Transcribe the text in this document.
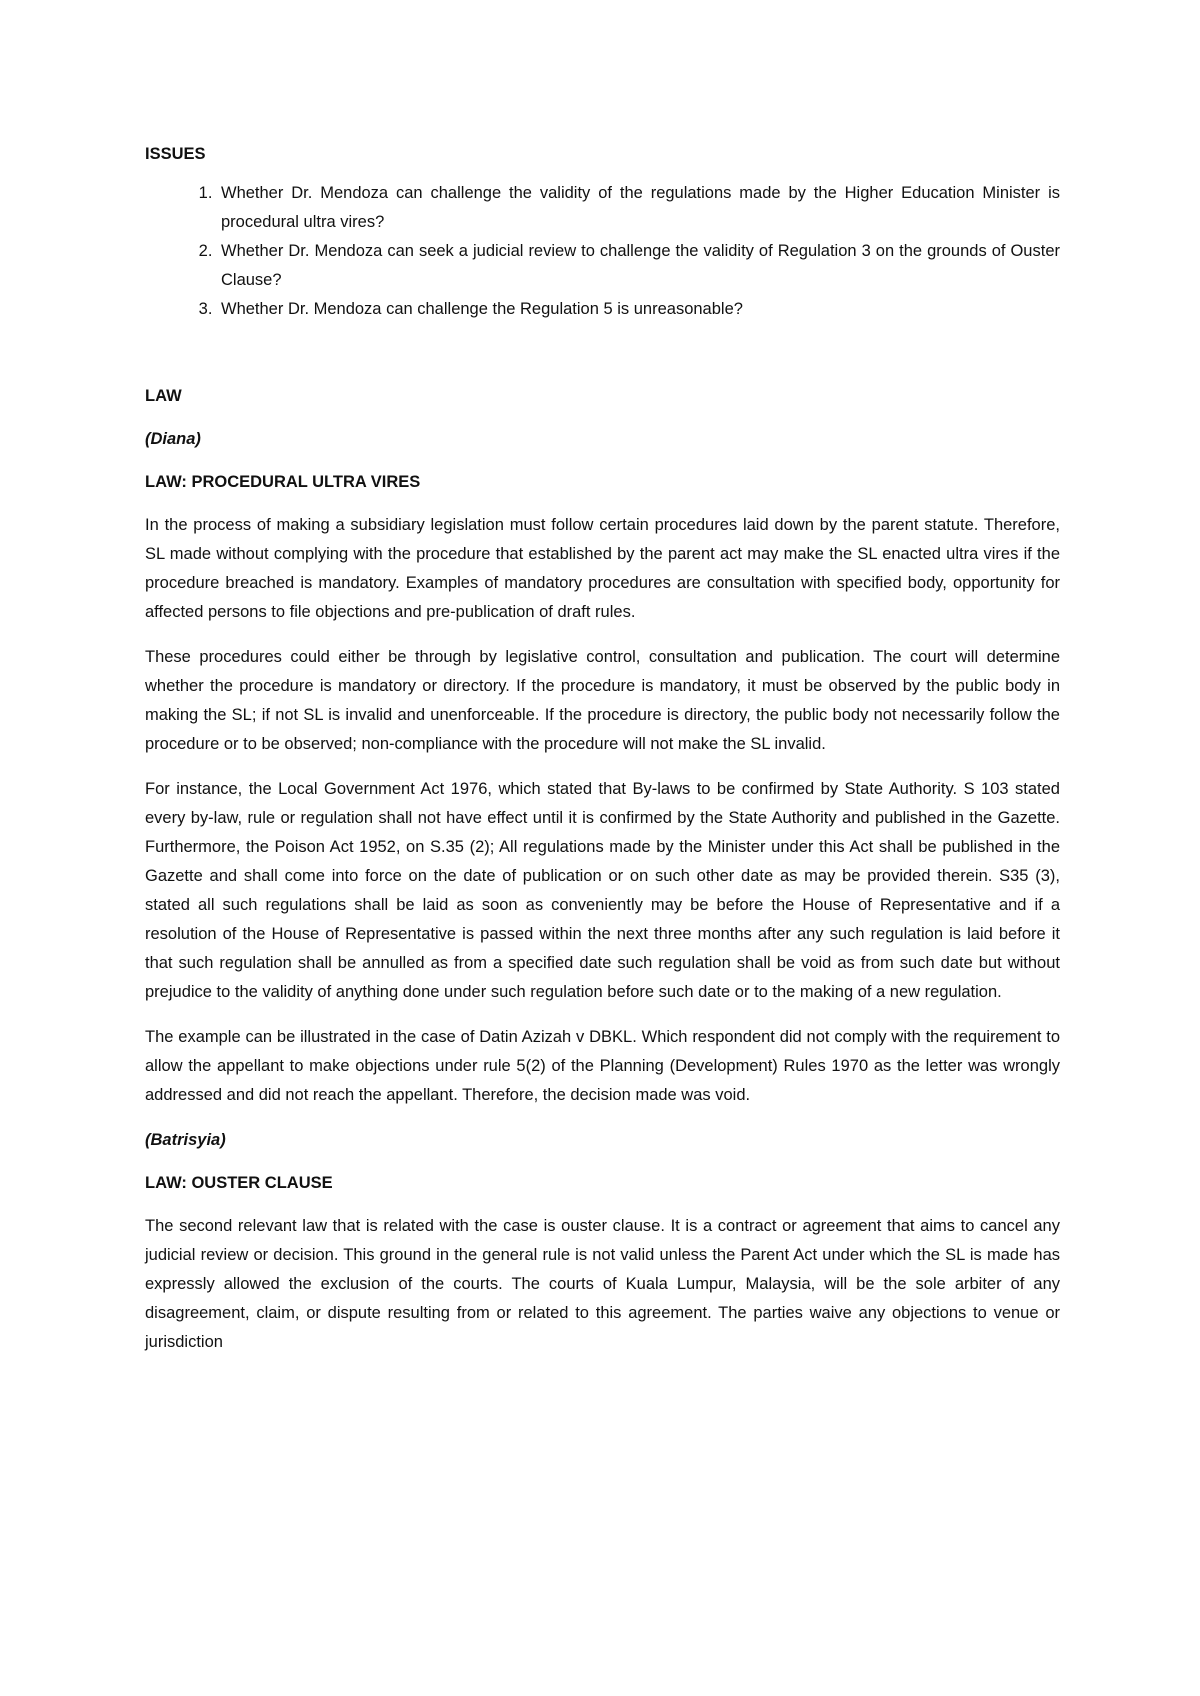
ISSUES
1. Whether Dr. Mendoza can challenge the validity of the regulations made by the Higher Education Minister is procedural ultra vires?
2. Whether Dr. Mendoza can seek a judicial review to challenge the validity of Regulation 3 on the grounds of Ouster Clause?
3. Whether Dr. Mendoza can challenge the Regulation 5 is unreasonable?
LAW
(Diana)
LAW: PROCEDURAL ULTRA VIRES

In the process of making a subsidiary legislation must follow certain procedures laid down by the parent statute. Therefore, SL made without complying with the procedure that established by the parent act may make the SL enacted ultra vires if the procedure breached is mandatory. Examples of mandatory procedures are consultation with specified body, opportunity for affected persons to file objections and pre-publication of draft rules.

These procedures could either be through by legislative control, consultation and publication. The court will determine whether the procedure is mandatory or directory. If the procedure is mandatory, it must be observed by the public body in making the SL; if not SL is invalid and unenforceable. If the procedure is directory, the public body not necessarily follow the procedure or to be observed; non-compliance with the procedure will not make the SL invalid.

For instance, the Local Government Act 1976, which stated that By-laws to be confirmed by State Authority. S 103 stated every by-law, rule or regulation shall not have effect until it is confirmed by the State Authority and published in the Gazette. Furthermore, the Poison Act 1952, on S.35 (2); All regulations made by the Minister under this Act shall be published in the Gazette and shall come into force on the date of publication or on such other date as may be provided therein. S35 (3), stated all such regulations shall be laid as soon as conveniently may be before the House of Representative and if a resolution of the House of Representative is passed within the next three months after any such regulation is laid before it that such regulation shall be annulled as from a specified date such regulation shall be void as from such date but without prejudice to the validity of anything done under such regulation before such date or to the making of a new regulation.

The example can be illustrated in the case of Datin Azizah v DBKL. Which respondent did not comply with the requirement to allow the appellant to make objections under rule 5(2) of the Planning (Development) Rules 1970 as the letter was wrongly addressed and did not reach the appellant. Therefore, the decision made was void.

(Batrisyia)
LAW: OUSTER CLAUSE

The second relevant law that is related with the case is ouster clause. It is a contract or agreement that aims to cancel any judicial review or decision. This ground in the general rule is not valid unless the Parent Act under which the SL is made has expressly allowed the exclusion of the courts. The courts of Kuala Lumpur, Malaysia, will be the sole arbiter of any disagreement, claim, or dispute resulting from or related to this agreement. The parties waive any objections to venue or jurisdiction
